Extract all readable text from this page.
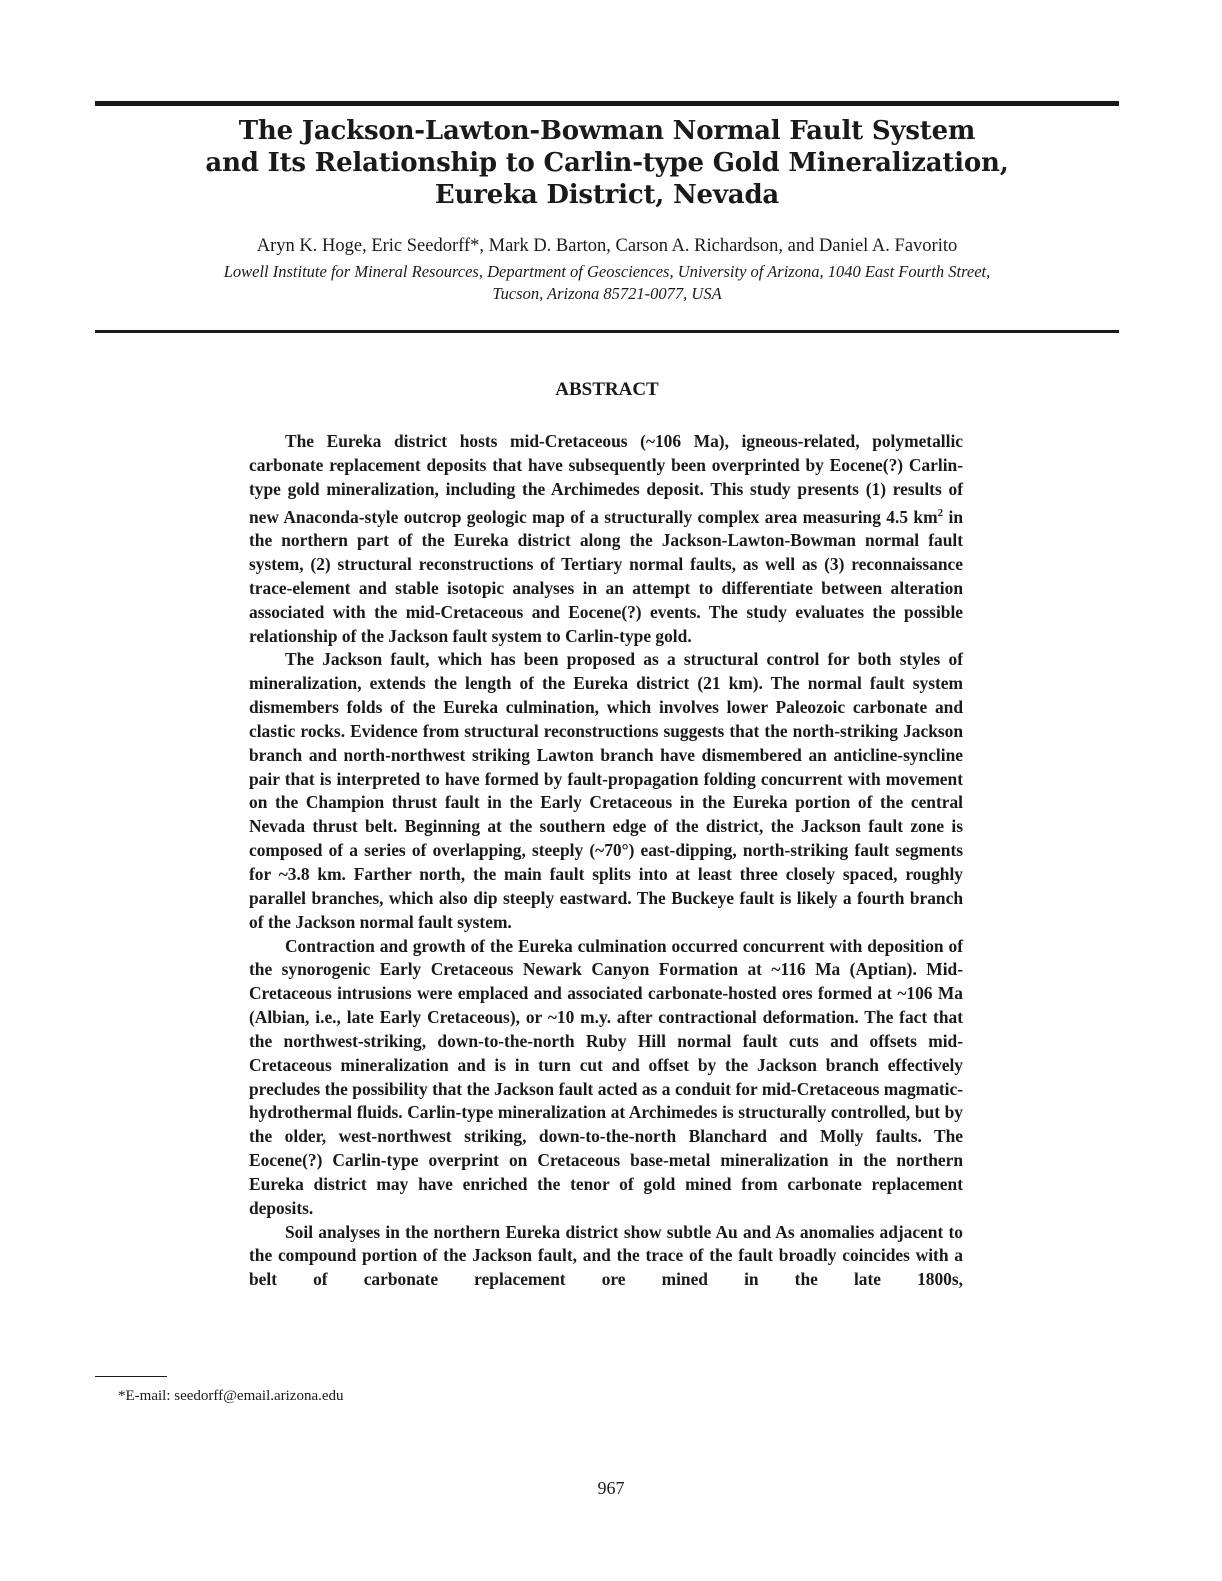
The Jackson-Lawton-Bowman Normal Fault System
and Its Relationship to Carlin-type Gold Mineralization,
Eureka District, Nevada
Aryn K. Hoge, Eric Seedorff*, Mark D. Barton, Carson A. Richardson, and Daniel A. Favorito
Lowell Institute for Mineral Resources, Department of Geosciences, University of Arizona, 1040 East Fourth Street,
Tucson, Arizona 85721-0077, USA
ABSTRACT

The Eureka district hosts mid-Cretaceous (~106 Ma), igneous-related, polymetallic carbonate replacement deposits that have subsequently been overprinted by Eocene(?) Carlin-type gold mineralization, including the Archimedes deposit. This study presents (1) results of new Anaconda-style outcrop geologic map of a structurally complex area measuring 4.5 $km^2$ in the northern part of the Eureka district along the Jackson-Lawton-Bowman normal fault system, (2) structural reconstructions of Tertiary normal faults, as well as (3) reconnaissance trace-element and stable isotopic analyses in an attempt to differentiate between alteration associated with the mid-Cretaceous and Eocene(?) events. The study evaluates the possible relationship of the Jackson fault system to Carlin-type gold.

The Jackson fault, which has been proposed as a structural control for both styles of mineralization, extends the length of the Eureka district (21 km). The normal fault system dismembers folds of the Eureka culmination, which involves lower Paleozoic carbonate and clastic rocks. Evidence from structural reconstructions suggests that the north-striking Jackson branch and north-northwest striking Lawton branch have dismembered an anticline-syncline pair that is interpreted to have formed by fault-propagation folding concurrent with movement on the Champion thrust fault in the Early Cretaceous in the Eureka portion of the central Nevada thrust belt. Beginning at the southern edge of the district, the Jackson fault zone is composed of a series of overlapping, steeply (~70°) east-dipping, north-striking fault segments for ~3.8 km. Farther north, the main fault splits into at least three closely spaced, roughly parallel branches, which also dip steeply eastward. The Buckeye fault is likely a fourth branch of the Jackson normal fault system.

Contraction and growth of the Eureka culmination occurred concurrent with deposition of the synorogenic Early Cretaceous Newark Canyon Formation at ~116 Ma (Aptian). Mid-Cretaceous intrusions were emplaced and associated carbonate-hosted ores formed at ~106 Ma (Albian, i.e., late Early Cretaceous), or ~10 m.y. after contractional deformation. The fact that the northwest-striking, down-to-the-north Ruby Hill normal fault cuts and offsets mid-Cretaceous mineralization and is in turn cut and offset by the Jackson branch effectively precludes the possibility that the Jackson fault acted as a conduit for mid-Cretaceous magmatic-hydrothermal fluids. Carlin-type mineralization at Archimedes is structurally controlled, but by the older, west-northwest striking, down-to-the-north Blanchard and Molly faults. The Eocene(?) Carlin-type overprint on Cretaceous base-metal mineralization in the northern Eureka district may have enriched the tenor of gold mined from carbonate replacement deposits.

Soil analyses in the northern Eureka district show subtle Au and As anomalies adjacent to the compound portion of the Jackson fault, and the trace of the fault broadly coincides with a belt of carbonate replacement ore mined in the late 1800s,

*E-mail: seedorff@email.arizona.edu
967
